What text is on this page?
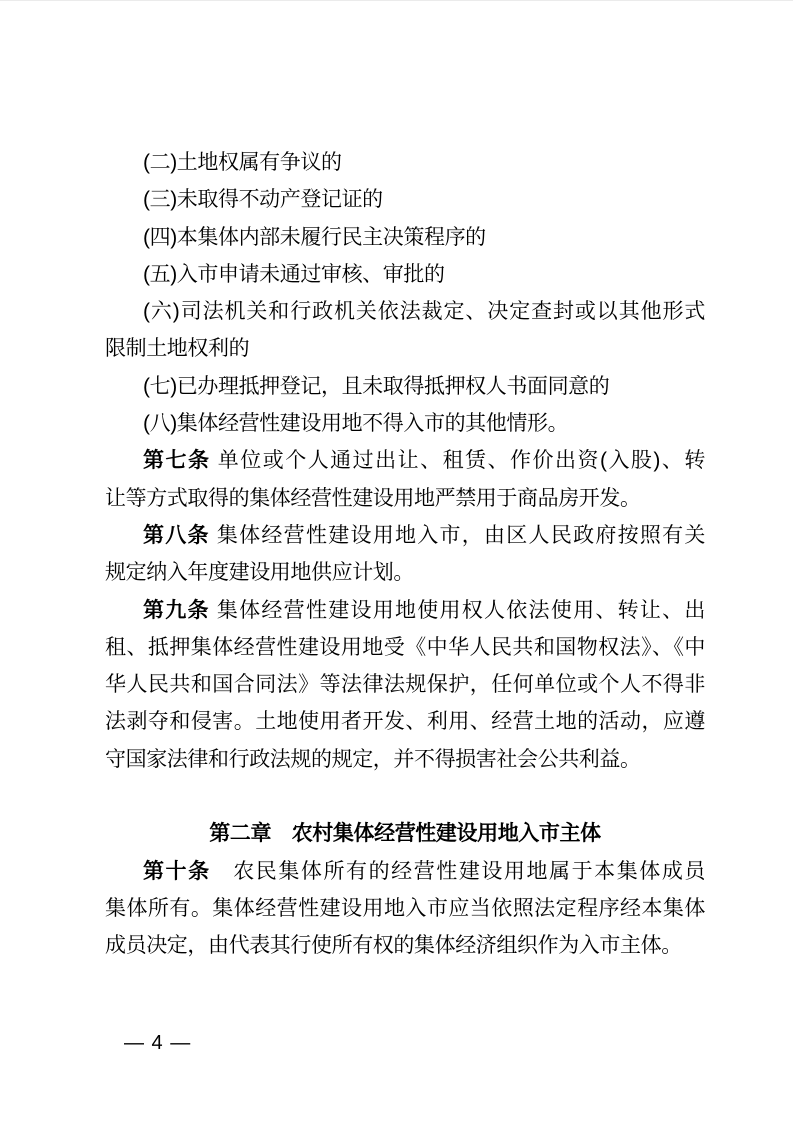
(二)土地权属有争议的
(三)未取得不动产登记证的
(四)本集体内部未履行民主决策程序的
(五)入市申请未通过审核、审批的
(六)司法机关和行政机关依法裁定、决定查封或以其他形式
限制土地权利的
(七)已办理抵押登记，且未取得抵押权人书面同意的
(八)集体经营性建设用地不得入市的其他情形。
第七条 单位或个人通过出让、租赁、作价出资(入股)、转
让等方式取得的集体经营性建设用地严禁用于商品房开发。
第八条 集体经营性建设用地入市，由区人民政府按照有关
规定纳入年度建设用地供应计划。
第九条 集体经营性建设用地使用权人依法使用、转让、出
租、抵押集体经营性建设用地受《中华人民共和国物权法》、《中
华人民共和国合同法》等法律法规保护，任何单位或个人不得非
法剥夺和侵害。土地使用者开发、利用、经营土地的活动，应遵
守国家法律和行政法规的规定，并不得损害社会公共利益。
第二章　农村集体经营性建设用地入市主体
第十条　农民集体所有的经营性建设用地属于本集体成员
集体所有。集体经营性建设用地入市应当依照法定程序经本集体
成员决定，由代表其行使所有权的集体经济组织作为入市主体。
— 4 —
